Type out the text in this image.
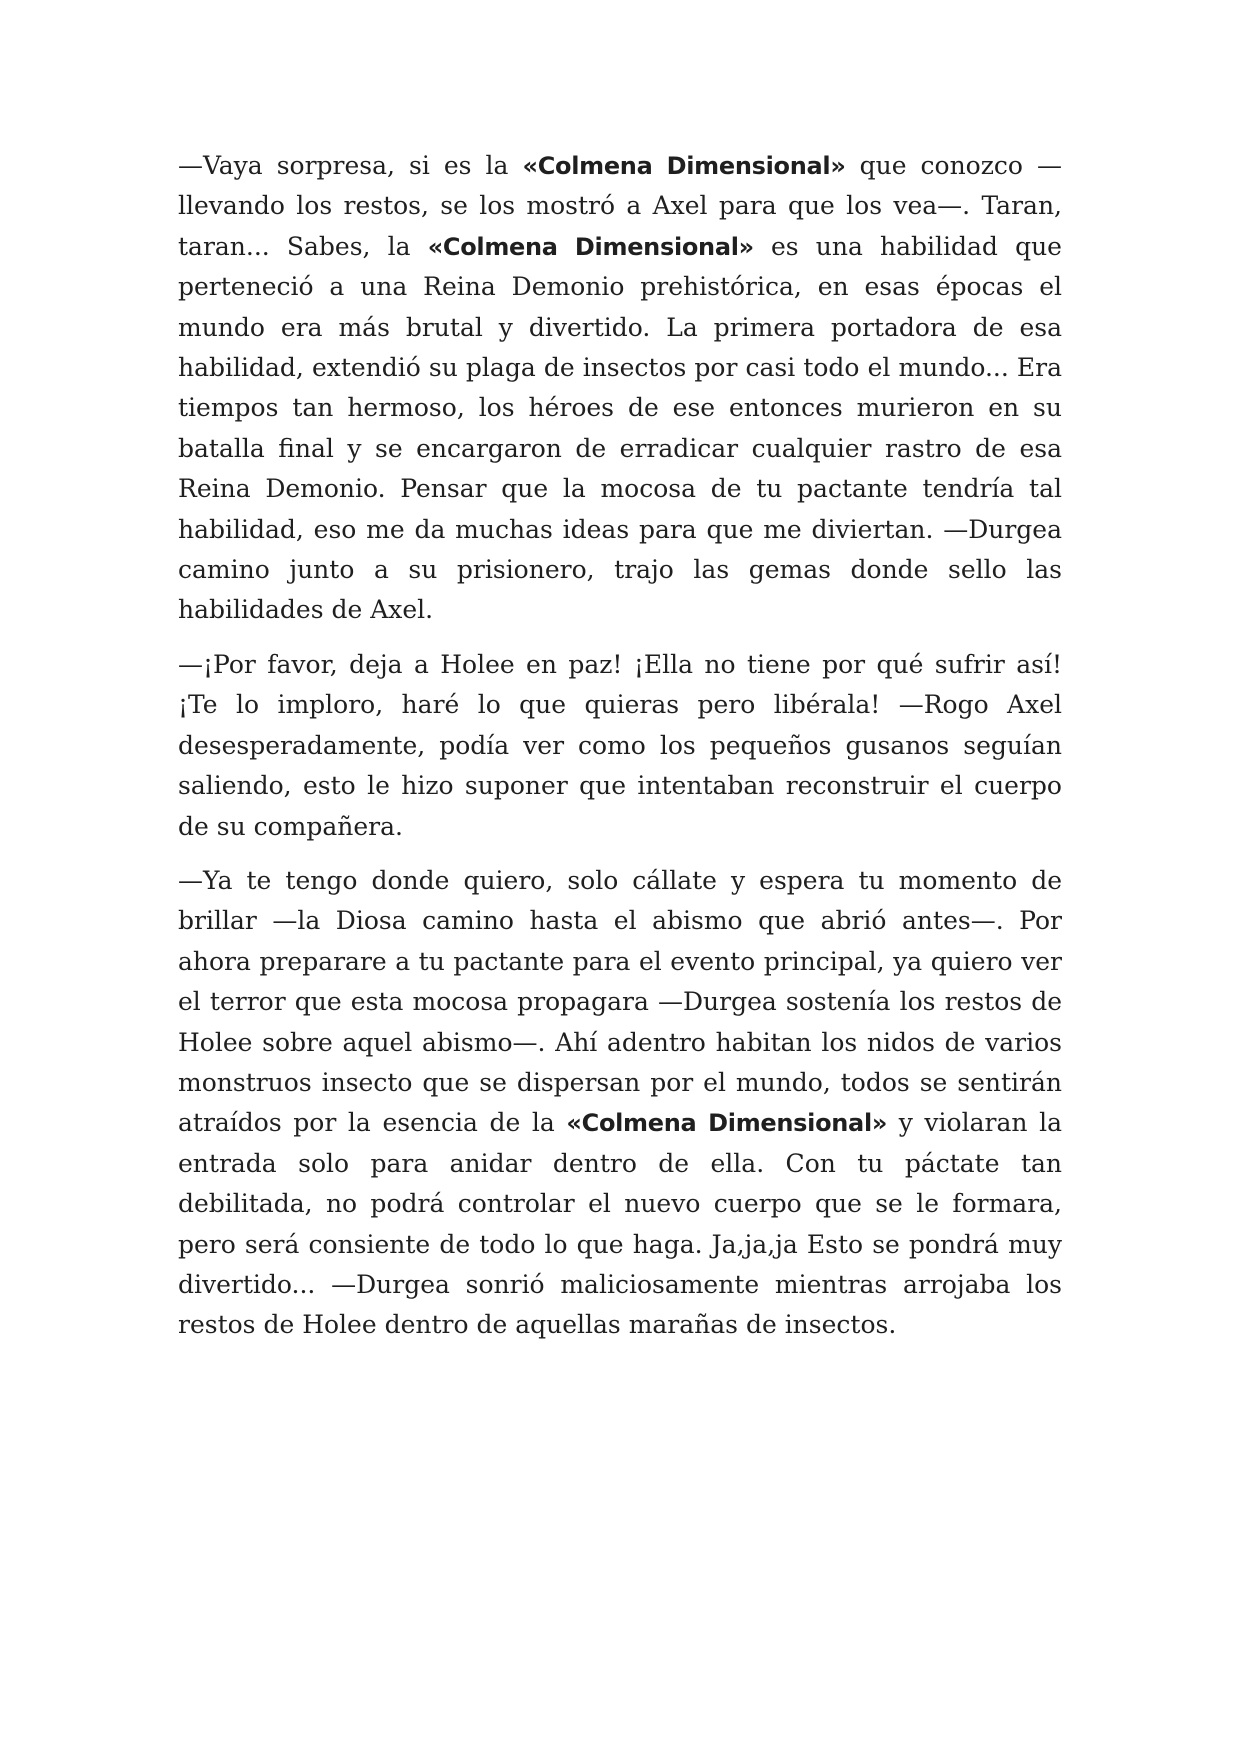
—Vaya sorpresa, si es la «Colmena Dimensional» que conozco —llevando los restos, se los mostró a Axel para que los vea—. Taran, taran... Sabes, la «Colmena Dimensional» es una habilidad que perteneció a una Reina Demonio prehistórica, en esas épocas el mundo era más brutal y divertido. La primera portadora de esa habilidad, extendió su plaga de insectos por casi todo el mundo... Era tiempos tan hermoso, los héroes de ese entonces murieron en su batalla final y se encargaron de erradicar cualquier rastro de esa Reina Demonio. Pensar que la mocosa de tu pactante tendría tal habilidad, eso me da muchas ideas para que me diviertan. —Durgea camino junto a su prisionero, trajo las gemas donde sello las habilidades de Axel.

—¡Por favor, deja a Holee en paz! ¡Ella no tiene por qué sufrir así! ¡Te lo imploro, haré lo que quieras pero libérala! —Rogo Axel desesperadamente, podía ver como los pequeños gusanos seguían saliendo, esto le hizo suponer que intentaban reconstruir el cuerpo de su compañera.

—Ya te tengo donde quiero, solo cállate y espera tu momento de brillar —la Diosa camino hasta el abismo que abrió antes—. Por ahora preparare a tu pactante para el evento principal, ya quiero ver el terror que esta mocosa propagara —Durgea sostenía los restos de Holee sobre aquel abismo—. Ahí adentro habitan los nidos de varios monstruos insecto que se dispersan por el mundo, todos se sentirán atraídos por la esencia de la «Colmena Dimensional» y violaran la entrada solo para anidar dentro de ella. Con tu páctate tan debilitada, no podrá controlar el nuevo cuerpo que se le formara, pero será consiente de todo lo que haga. Ja,ja,ja Esto se pondrá muy divertido... —Durgea sonrió maliciosamente mientras arrojaba los restos de Holee dentro de aquellas marañas de insectos.
